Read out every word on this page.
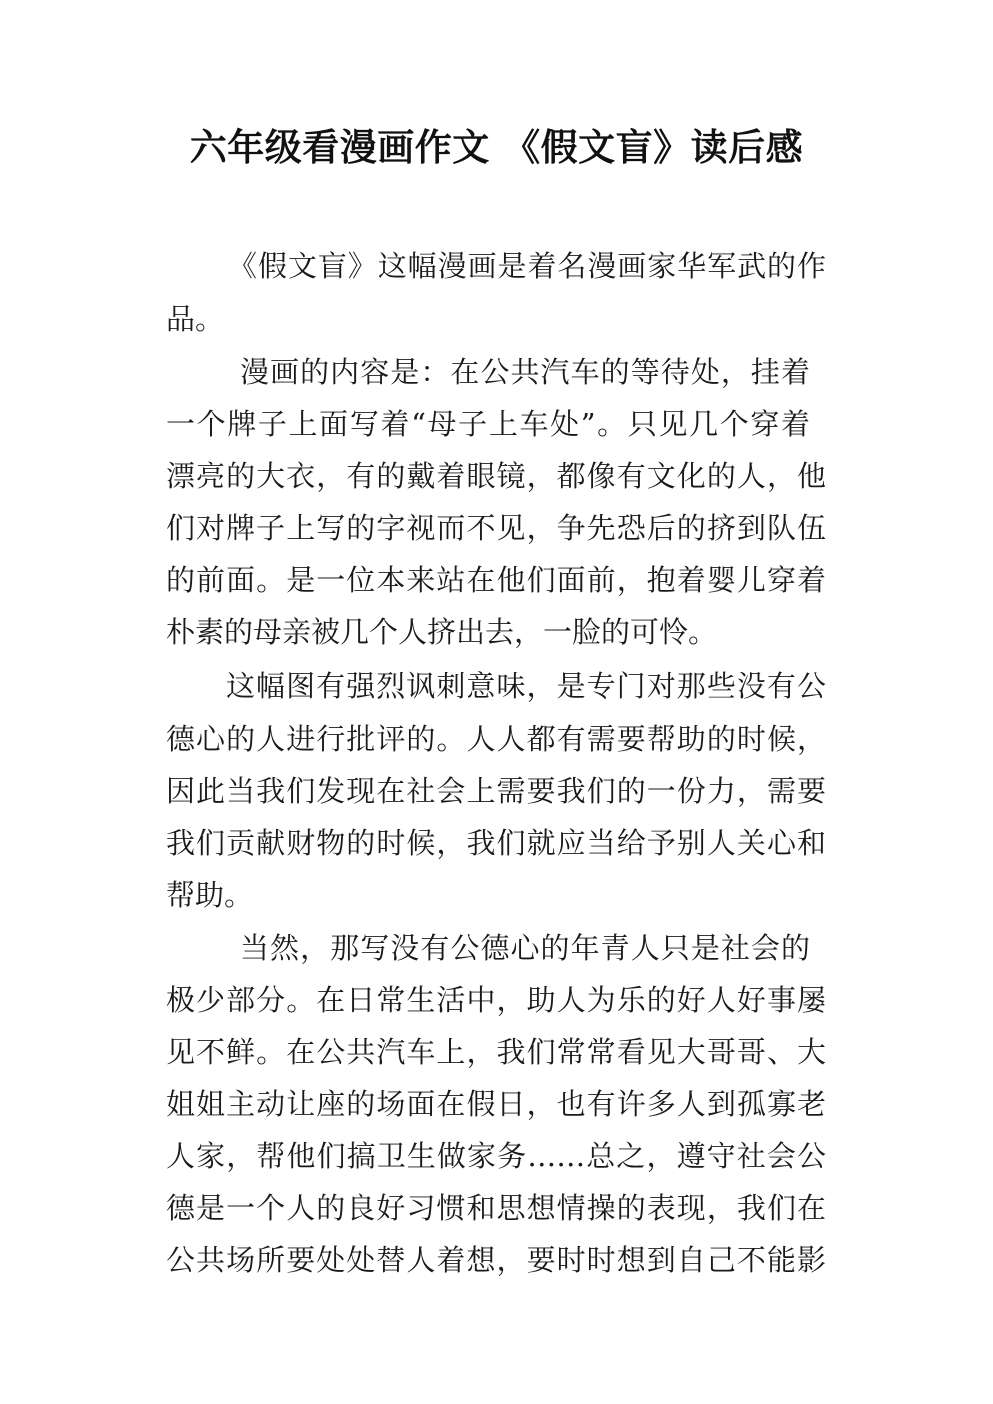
六年级看漫画作文 《假文盲》读后感
《假文盲》这幅漫画是着名漫画家华军武的作
品。
漫画的内容是：在公共汽车的等待处，挂着
一个牌子上面写着“母子上车处”。只见几个穿着
漂亮的大衣，有的戴着眼镜，都像有文化的人，他
们对牌子上写的字视而不见，争先恐后的挤到队伍
的前面。是一位本来站在他们面前，抱着婴儿穿着
朴素的母亲被几个人挤出去，一脸的可怜。
这幅图有强烈讽刺意味，是专门对那些没有公
德心的人进行批评的。人人都有需要帮助的时候，
因此当我们发现在社会上需要我们的一份力，需要
我们贡献财物的时候，我们就应当给予别人关心和
帮助。
当然，那写没有公德心的年青人只是社会的
极少部分。在日常生活中，助人为乐的好人好事屡
见不鲜。在公共汽车上，我们常常看见大哥哥、大
姐姐主动让座的场面在假日，也有许多人到孤寡老
人家，帮他们搞卫生做家务……总之，遵守社会公
德是一个人的良好习惯和思想情操的表现，我们在
公共场所要处处替人着想，要时时想到自己不能影
